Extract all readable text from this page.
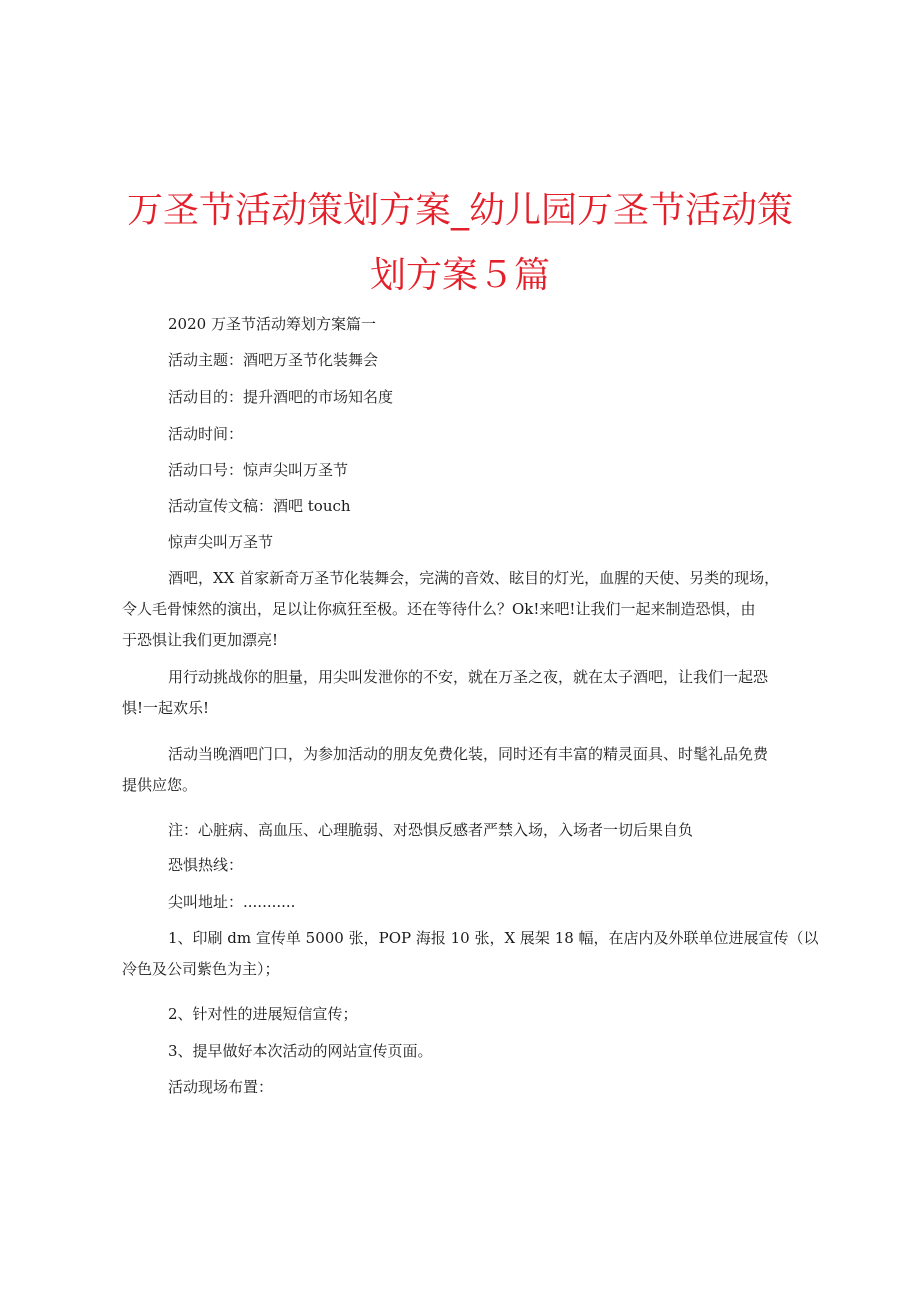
万圣节活动策划方案_幼儿园万圣节活动策
划方案５篇
2020 万圣节活动筹划方案篇一
活动主题：酒吧万圣节化装舞会
活动目的：提升酒吧的市场知名度
活动时间：
活动口号：惊声尖叫万圣节
活动宣传文稿：酒吧 touch
惊声尖叫万圣节
酒吧，XX 首家新奇万圣节化装舞会，完满的音效、眩目的灯光，血腥的天使、另类的现场，
令人毛骨悚然的演出，足以让你疯狂至极。还在等待什么？Ok!来吧!让我们一起来制造恐惧，由
于恐惧让我们更加漂亮!
用行动挑战你的胆量，用尖叫发泄你的不安，就在万圣之夜，就在太子酒吧，让我们一起恐
惧!一起欢乐!
活动当晚酒吧门口，为参加活动的朋友免费化装，同时还有丰富的精灵面具、时髦礼品免费
提供应您。
注：心脏病、高血压、心理脆弱、对恐惧反感者严禁入场，入场者一切后果自负
恐惧热线：
尖叫地址：...........
1、印刷 dm 宣传单 5000 张，POP 海报 10 张，X 展架 18 幅，在店内及外联单位进展宣传（以
冷色及公司紫色为主）；
2、针对性的进展短信宣传；
3、提早做好本次活动的网站宣传页面。
活动现场布置：
